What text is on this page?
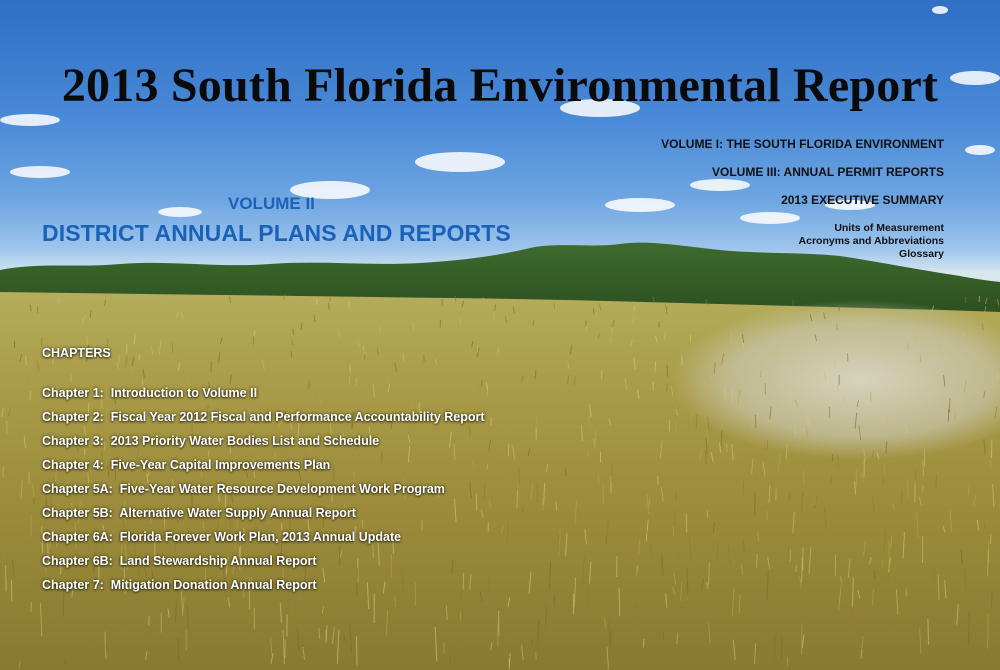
2013 South Florida Environmental Report
VOLUME I: THE SOUTH FLORIDA ENVIRONMENT
VOLUME III: ANNUAL PERMIT REPORTS
2013 EXECUTIVE SUMMARY
Units of Measurement
Acronyms and Abbreviations
Glossary
VOLUME II
DISTRICT ANNUAL PLANS AND REPORTS
CHAPTERS
Chapter 1:  Introduction to Volume II
Chapter 2:  Fiscal Year 2012 Fiscal and Performance Accountability Report
Chapter 3:  2013 Priority Water Bodies List and Schedule
Chapter 4:  Five-Year Capital Improvements Plan
Chapter 5A:  Five-Year Water Resource Development Work Program
Chapter 5B:  Alternative Water Supply Annual Report
Chapter 6A:  Florida Forever Work Plan, 2013 Annual Update
Chapter 6B:  Land Stewardship Annual Report
Chapter 7:  Mitigation Donation Annual Report
